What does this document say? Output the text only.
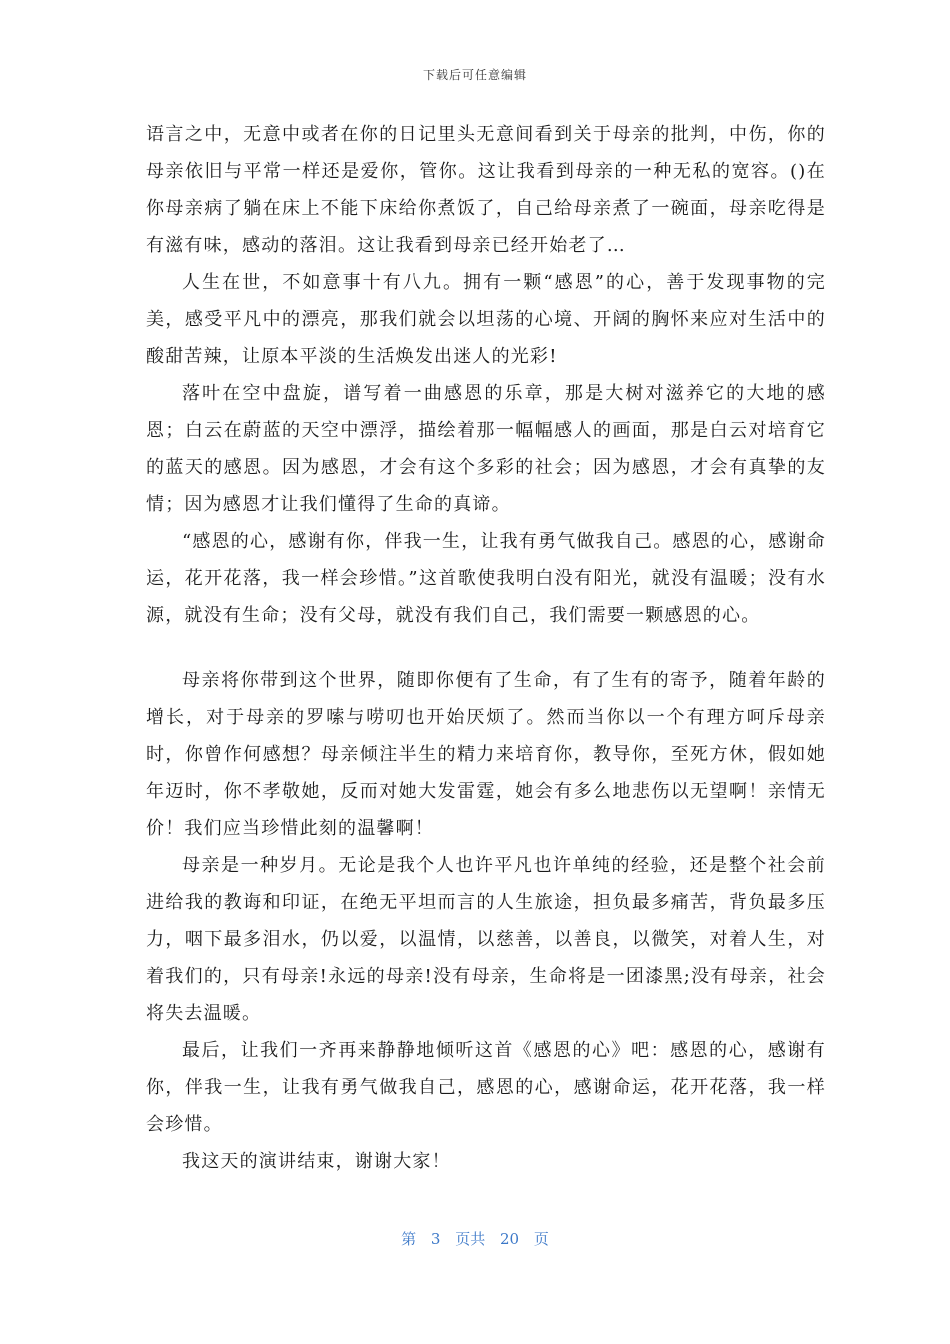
下载后可任意编辑

语言之中，无意中或者在你的日记里头无意间看到关于母亲的批判，中伤，你的母亲依旧与平常一样还是爱你，管你。这让我看到母亲的一种无私的宽容。()在你母亲病了躺在床上不能下床给你煮饭了，自己给母亲煮了一碗面，母亲吃得是有滋有味，感动的落泪。这让我看到母亲已经开始老了…

人生在世，不如意事十有八九。拥有一颗“感恩”的心，善于发现事物的完美，感受平凡中的漂亮，那我们就会以坦荡的心境、开阔的胸怀来应对生活中的酸甜苦辣，让原本平淡的生活焕发出迷人的光彩!

落叶在空中盘旋，谱写着一曲感恩的乐章，那是大树对滋养它的大地的感恩；白云在蔚蓝的天空中漂浮，描绘着那一幅幅感人的画面，那是白云对培育它的蓝天的感恩。因为感恩，才会有这个多彩的社会；因为感恩，才会有真挚的友情；因为感恩才让我们懂得了生命的真谛。

“感恩的心，感谢有你，伴我一生，让我有勇气做我自己。感恩的心，感谢命运，花开花落，我一样会珍惜。”这首歌使我明白没有阳光，就没有温暖；没有水源，就没有生命；没有父母，就没有我们自己，我们需要一颗感恩的心。

母亲将你带到这个世界，随即你便有了生命，有了生有的寄予，随着年龄的增长，对于母亲的罗嗦与唠叨也开始厌烦了。然而当你以一个有理方呵斥母亲时，你曾作何感想？母亲倾注半生的精力来培育你，教导你，至死方休，假如她年迈时，你不孝敬她，反而对她大发雷霆，她会有多么地悲伤以无望啊！亲情无价！我们应当珍惜此刻的温馨啊！

母亲是一种岁月。无论是我个人也许平凡也许单纯的经验，还是整个社会前进给我的教诲和印证，在绝无平坦而言的人生旅途，担负最多痛苦，背负最多压力，咽下最多泪水，仍以爱，以温情，以慈善，以善良，以微笑，对着人生，对着我们的，只有母亲!永远的母亲!没有母亲，生命将是一团漆黑;没有母亲，社会将失去温暖。

最后，让我们一齐再来静静地倾听这首《感恩的心》吧：感恩的心，感谢有你，伴我一生，让我有勇气做我自己，感恩的心，感谢命运，花开花落，我一样会珍惜。

我这天的演讲结束，谢谢大家！

第 3 页共 20 页
